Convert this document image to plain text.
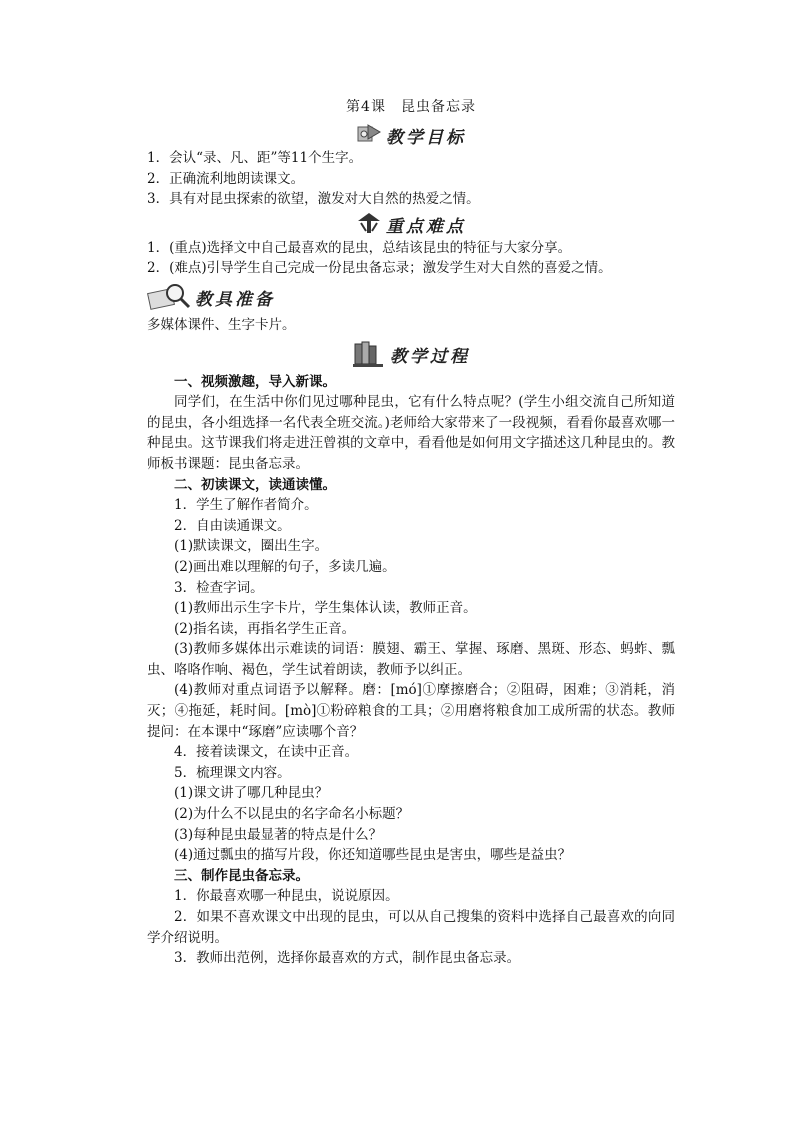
第4课　昆虫备忘录
教学目标
1．会认“录、凡、距”等11个生字。
2．正确流利地朗读课文。
3．具有对昆虫探索的欲望，激发对大自然的热爱之情。
重点难点
1．(重点)选择文中自己最喜欢的昆虫，总结该昆虫的特征与大家分享。
2．(难点)引导学生自己完成一份昆虫备忘录；激发学生对大自然的喜爱之情。
教具准备
多媒体课件、生字卡片。
教学过程
一、视频激趣，导入新课。
同学们，在生活中你们见过哪种昆虫，它有什么特点呢？(学生小组交流自己所知道的昆虫，各小组选择一名代表全班交流。)老师给大家带来了一段视频，看看你最喜欢哪一种昆虫。这节课我们将走进汪曾祺的文章中，看看他是如何用文字描述这几种昆虫的。教师板书课题：昆虫备忘录。
二、初读课文，读通读懂。
1．学生了解作者简介。
2．自由读通课文。
(1)默读课文，圈出生字。
(2)画出难以理解的句子，多读几遍。
3．检查字词。
(1)教师出示生字卡片，学生集体认读，教师正音。
(2)指名读，再指名学生正音。
(3)教师多媒体出示难读的词语：膜翅、霸王、掌握、琢磨、黑斑、形态、蚂蚱、瓢虫、咯咯作响、褐色，学生试着朗读，教师予以纠正。
(4)教师对重点词语予以解释。磨：[mó]①摩擦磨合；②阻碍，困难；③消耗，消灭；④拖延，耗时间。[mò]①粉碎粮食的工具；②用磨将粮食加工成所需的状态。教师提问：在本课中“琢磨”应读哪个音？
4．接着读课文，在读中正音。
5．梳理课文内容。
(1)课文讲了哪几种昆虫？
(2)为什么不以昆虫的名字命名小标题？
(3)每种昆虫最显著的特点是什么？
(4)通过瓢虫的描写片段，你还知道哪些昆虫是害虫，哪些是益虫？
三、制作昆虫备忘录。
1．你最喜欢哪一种昆虫，说说原因。
2．如果不喜欢课文中出现的昆虫，可以从自己搜集的资料中选择自己最喜欢的向同学介绍说明。
3．教师出范例，选择你最喜欢的方式，制作昆虫备忘录。
